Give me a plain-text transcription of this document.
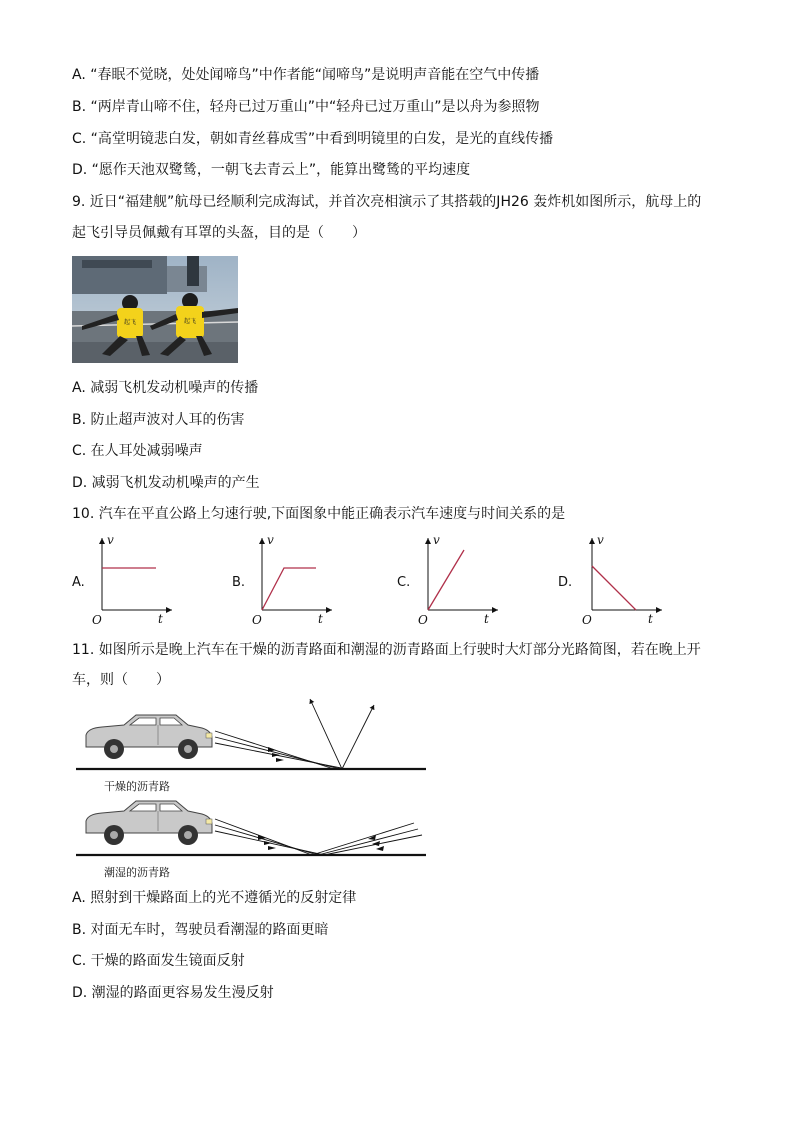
A. “春眠不觉晓，处处闻啼鸟”中作者能“闻啼鸟”是说明声音能在空气中传播
B. “两岸青山啼不住，轻舟已过万重山”中“轻舟已过万重山”是以舟为参照物
C. “高堂明镜悲白发，朝如青丝暮成雪”中看到明镜里的白发，是光的直线传播
D. “愿作天池双鹭鸶，一朝飞去青云上”，能算出鹭鸶的平均速度
9. 近日“福建舰”航母已经顺利完成海试，并首次亮相演示了其搭载的JH26 轰炸机如图所示，航母上的
起飞引导员佩戴有耳罩的头盔，目的是（　　）
起飞	起飞
A. 减弱飞机发动机噪声的传播
B. 防止超声波对人耳的伤害
C. 在人耳处减弱噪声
D. 减弱飞机发动机噪声的产生
10. 汽车在平直公路上匀速行驶,下面图象中能正确表示汽车速度与时间关系的是
A.
v
t
O
B.
v
t
O
C.
v
t
O
D.
v
t
O
11. 如图所示是晚上汽车在干燥的沥青路面和潮湿的沥青路面上行驶时大灯部分光路简图，若在晚上开
车，则（　　）
干燥的沥青路
潮湿的沥青路
A. 照射到干燥路面上的光不遵循光的反射定律
B. 对面无车时，驾驶员看潮湿的路面更暗
C. 干燥的路面发生镜面反射
D. 潮湿的路面更容易发生漫反射
